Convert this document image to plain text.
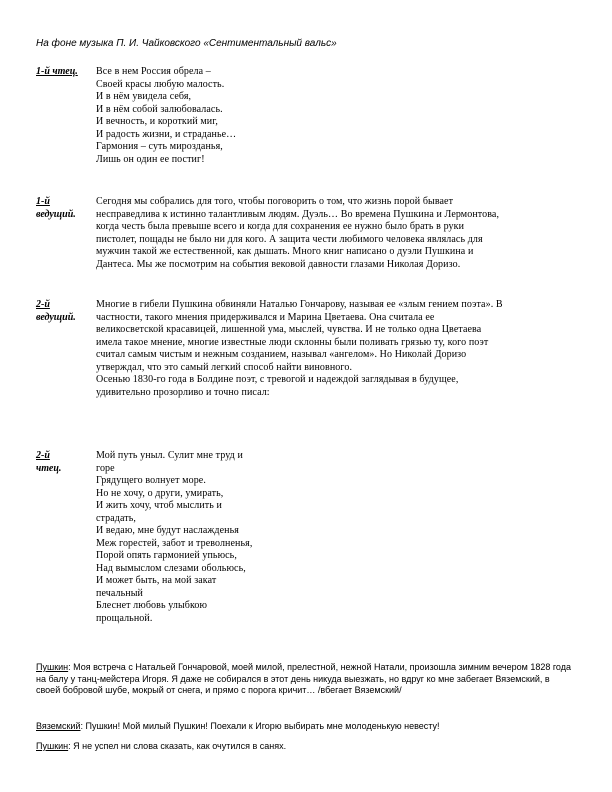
На фоне музыка П. И. Чайковского «Сентиментальный вальс»
1-й чтец.	Все в нем Россия обрела –
Своей красы любую малость.
И в нём увидела себя,
И в нём собой залюбовалась.
И вечность, и короткий миг,
И радость жизни, и страданье…
Гармония – суть мирозданья,
Лишь он один ее постиг!
1-й
ведущий.
Сегодня мы собрались для того, чтобы поговорить о том, что жизнь порой бывает
несправедлива к истинно талантливым людям. Дуэль… Во времена Пушкина и Лермонтова,
когда честь была превыше всего и когда для сохранения ее нужно было брать в руки
пистолет, пощады не было ни для кого. А защита чести любимого человека являлась для
мужчин такой же естественной, как дышать. Много книг написано о дуэли Пушкина и
Дантеса. Мы же посмотрим на события вековой давности глазами Николая Доризо.
2-й
ведущий.
Многие в гибели Пушкина обвиняли Наталью Гончарову, называя ее «злым гением поэта». В
частности, такого мнения придерживался и Марина Цветаева. Она считала ее
великосветской красавицей, лишенной ума, мыслей, чувства. И не только одна Цветаева
имела такое мнение, многие известные люди склонны были поливать грязью ту, кого поэт
считал самым чистым и нежным созданием, называл «ангелом». Но Николай Доризо
утверждал, что это самый легкий способ найти виновного.
Осенью 1830-го года в Болдине поэт, с тревогой и надеждой заглядывая в будущее,
удивительно прозорливо и точно писал:
2-й
чтец.
Мой путь уныл. Сулит мне труд и
горе
Грядущего волнует море.
Но не хочу, о други, умирать,
И жить хочу, чтоб мыслить и
страдать,
И ведаю, мне будут наслажденья
Меж горестей, забот и треволненья,
Порой опять гармонией упьюсь,
Над вымыслом слезами обольюсь,
И может быть, на мой закат
печальный
Блеснет любовь улыбкою
прощальной.
Пушкин: Моя встреча с Натальей Гончаровой, моей милой, прелестной, нежной Натали, произошла зимним вечером 1828 года на балу у танц-мейстера Игоря. Я даже не собирался в этот день никуда выезжать, но вдруг ко мне забегает Вяземский, в своей бобровой шубе, мокрый от снега, и прямо с порога кричит… /вбегает Вяземский/
Вяземский: Пушкин! Мой милый Пушкин! Поехали к Игорю выбирать мне молоденькую невесту!
Пушкин: Я не успел ни слова сказать, как очутился в санях.
